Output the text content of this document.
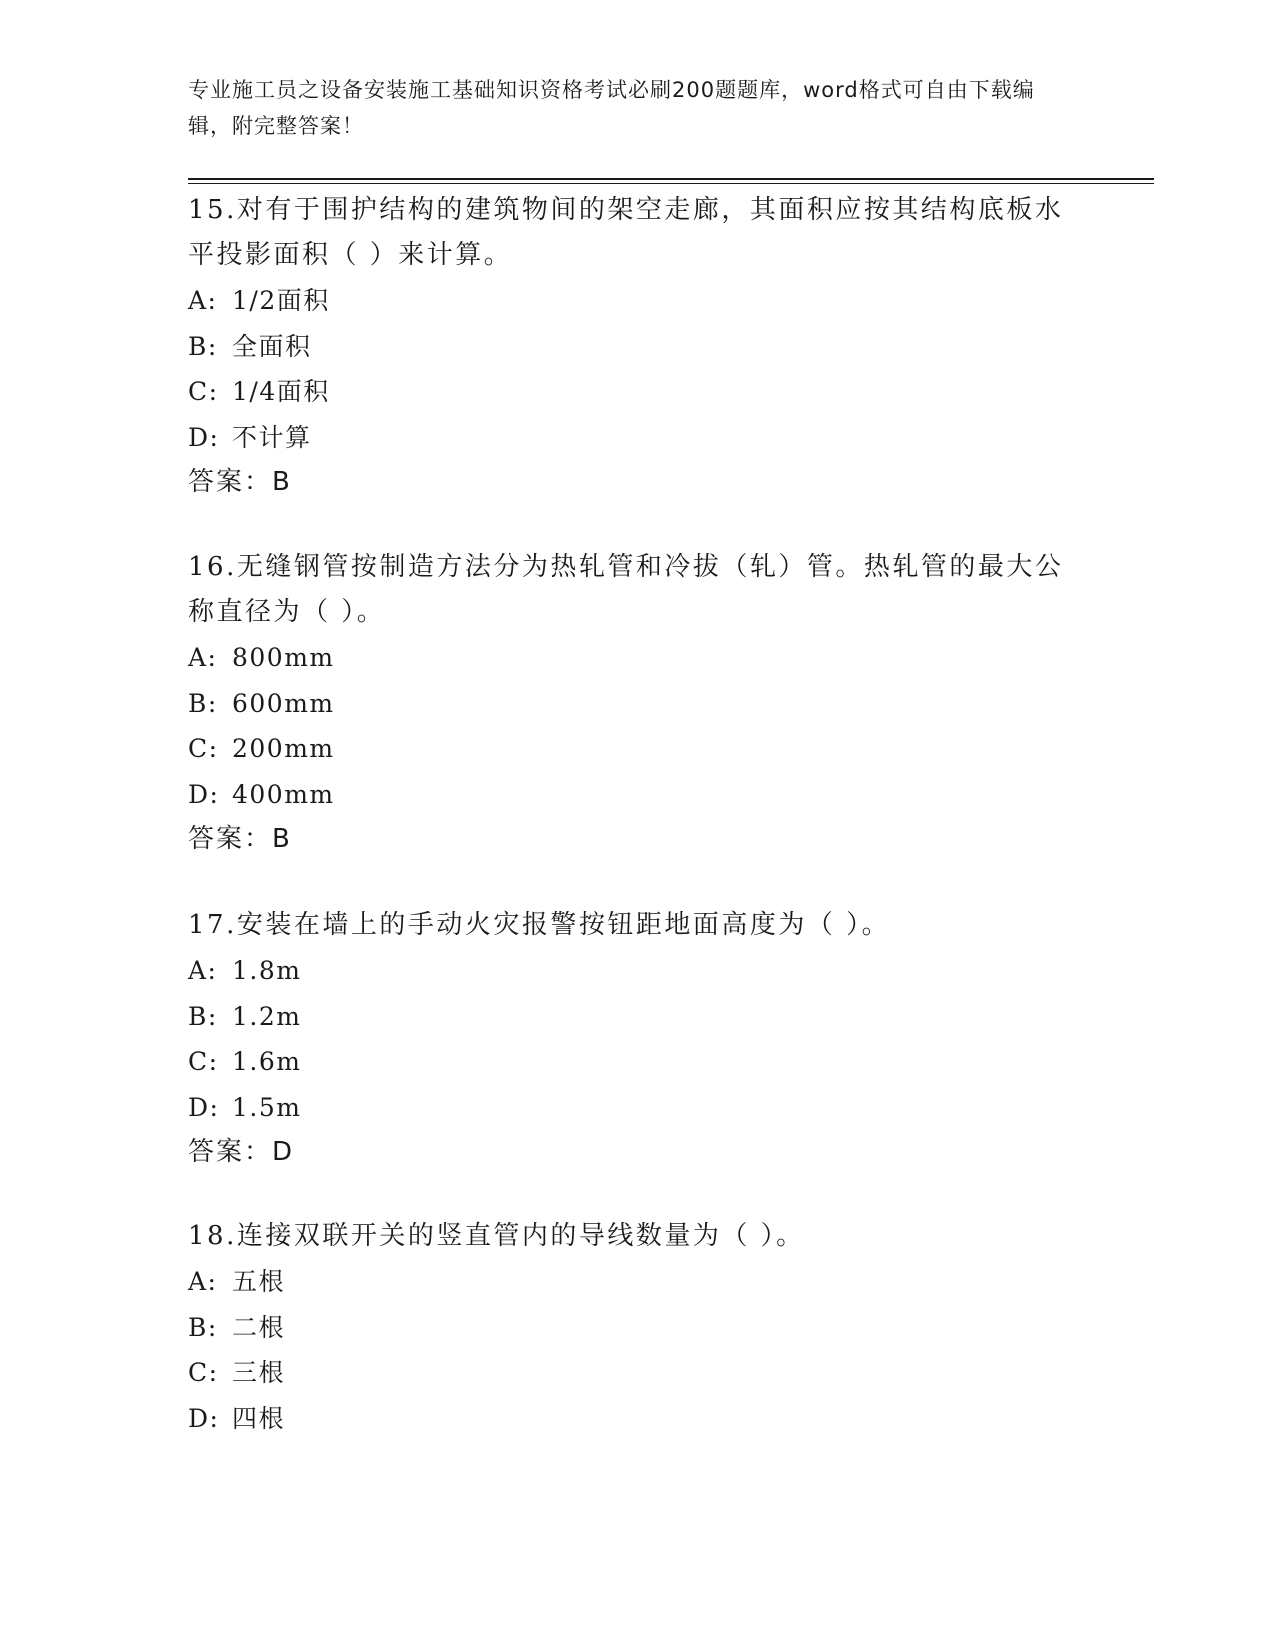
专业施工员之设备安装施工基础知识资格考试必刷200题题库，word格式可自由下载编辑，附完整答案！

15.对有于围护结构的建筑物间的架空走廊，其面积应按其结构底板水平投影面积（ ）来计算。

A: 1/2面积

B: 全面积

C: 1/4面积

D: 不计算

答案：B

16.无缝钢管按制造方法分为热轧管和冷拔（轧）管。热轧管的最大公称直径为（ ）。

A: 800mm

B: 600mm

C: 200mm

D: 400mm

答案：B

17.安装在墙上的手动火灾报警按钮距地面高度为（ ）。

A: 1.8m

B: 1.2m

C: 1.6m

D: 1.5m

答案：D

18.连接双联开关的竖直管内的导线数量为（ ）。

A: 五根

B: 二根

C: 三根

D: 四根
